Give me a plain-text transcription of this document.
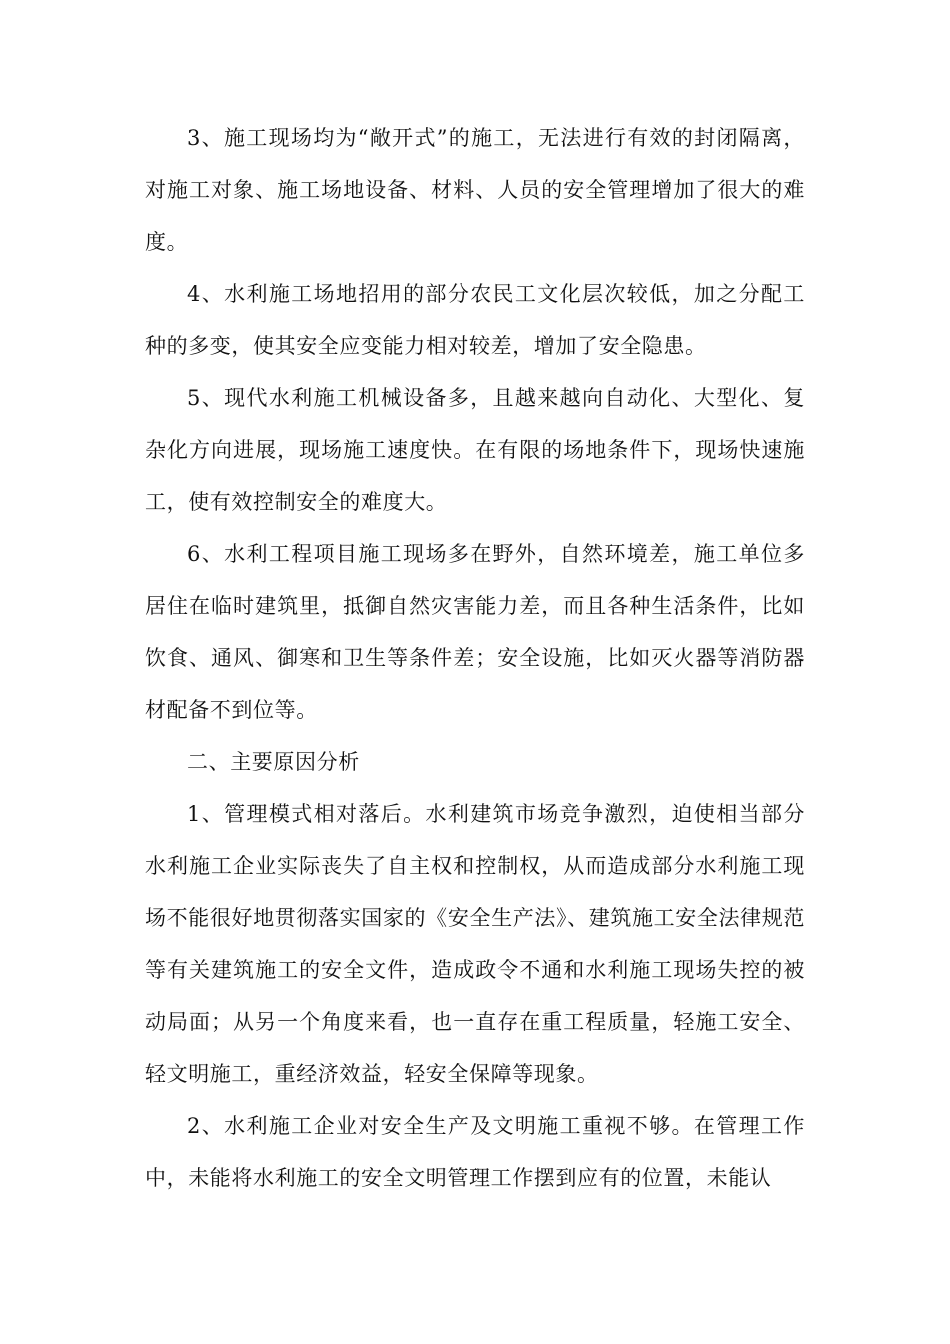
3、施工现场均为“敞开式”的施工，无法进行有效的封闭隔离，对施工对象、施工场地设备、材料、人员的安全管理增加了很大的难度。

4、水利施工场地招用的部分农民工文化层次较低，加之分配工种的多变，使其安全应变能力相对较差，增加了安全隐患。

5、现代水利施工机械设备多，且越来越向自动化、大型化、复杂化方向进展，现场施工速度快。在有限的场地条件下，现场快速施工，使有效控制安全的难度大。

6、水利工程项目施工现场多在野外，自然环境差，施工单位多居住在临时建筑里，抵御自然灾害能力差，而且各种生活条件，比如饮食、通风、御寒和卫生等条件差；安全设施，比如灭火器等消防器材配备不到位等。

二、主要原因分析

1、管理模式相对落后。水利建筑市场竞争激烈，迫使相当部分水利施工企业实际丧失了自主权和控制权，从而造成部分水利施工现场不能很好地贯彻落实国家的《安全生产法》、建筑施工安全法律规范等有关建筑施工的安全文件，造成政令不通和水利施工现场失控的被动局面；从另一个角度来看，也一直存在重工程质量，轻施工安全、轻文明施工，重经济效益，轻安全保障等现象。

2、水利施工企业对安全生产及文明施工重视不够。在管理工作中，未能将水利施工的安全文明管理工作摆到应有的位置，未能认
